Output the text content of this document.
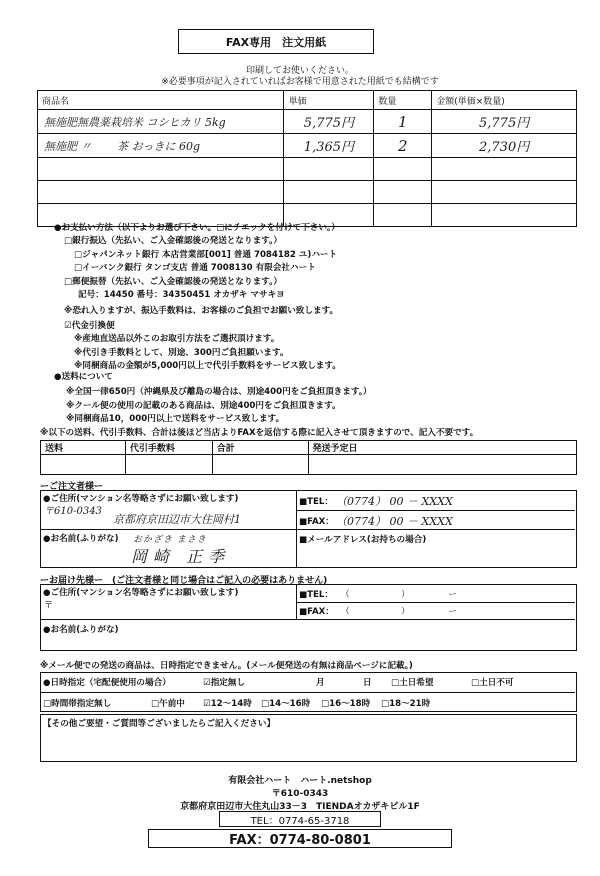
FAX専用　注文用紙
印刷してお使いください。
※必要事項が記入されていればお客様で用意された用紙でも結構です
商品名	単価	数量	金額(単価×数量)
無施肥無農薬栽培米 コシヒカリ 5kg	5,775円	1	5,775円
無施肥 〃 　　茶 おっきに 60g	1,365円	2	2,730円

●お支払い方法（以下よりお選び下さい。□にチエックを付けて下さい。）
□銀行振込（先払い、ご入金確認後の発送となります。）
□ジャパンネット銀行 本店営業部[001] 普通 7084182 ユ)ハート
□イーバンク銀行 タンゴ支店 普通 7008130 有限会社ハート
□郵便振替（先払い、ご入金確認後の発送となります。）
記号：14450 番号：34350451 オカザキ マサキヨ
※恐れ入りますが、振込手数料は、お客様のご負担でお願い致します。
☑代金引換便
※産地直送品以外このお取引方法をご選択頂けます。
※代引き手数料として、別途、300円ご負担願います。
※同梱商品の金額が5,000円以上で代引手数料をサービス致します。
●送料について
※全国一律650円（沖縄県及び離島の場合は、別途400円をご負担頂きます。）
※クール便の使用の記載のある商品は、別途400円をご負担頂きます。
※同梱商品10，000円以上で送料をサービス致します。
※以下の送料、代引手数料、合計は後ほど当店よりFAXを返信する際に記入させて頂きますので、記入不要です。
送料	代引手数料	合計	発送予定日

ーご注文者様ー
●ご住所(マンション名等略さずにお願い致します)
〒610-0343
京都府京田辺市大住岡村1
■TEL： （0774） 00 － XXXX
■FAX： （0774） 00 － XXXX
●お名前(ふりがな) おかざき まさき
岡崎 正季
■メールアドレス(お持ちの場合)
ーお届け先様ー　(ご注文者様と同じ場合はご記入の必要はありません)
●ご住所(マンション名等略さずにお願い致します)
〒
■TEL： （　　　　　　）　　　　　ー
■FAX： （　　　　　　）　　　　　ー
●お名前(ふりがな)
※メール便での発送の商品は、日時指定できません。(メール便発送の有無は商品ページに記載。)
●日時指定（宅配便使用の場合）	☑指定無し	月	日 □土日希望	□土日不可
□時間帯指定無し	□午前中 ☑12～14時 □14～16時 □16～18時 □18～21時
【その他ご要望・ご質問等ございましたらご記入ください】
有限会社ハート　ハート.netshop
〒610-0343
京都府京田辺市大住丸山33－3　TIENDAオカザキビル1F
TEL：0774-65-3718
FAX：0774-80-0801
